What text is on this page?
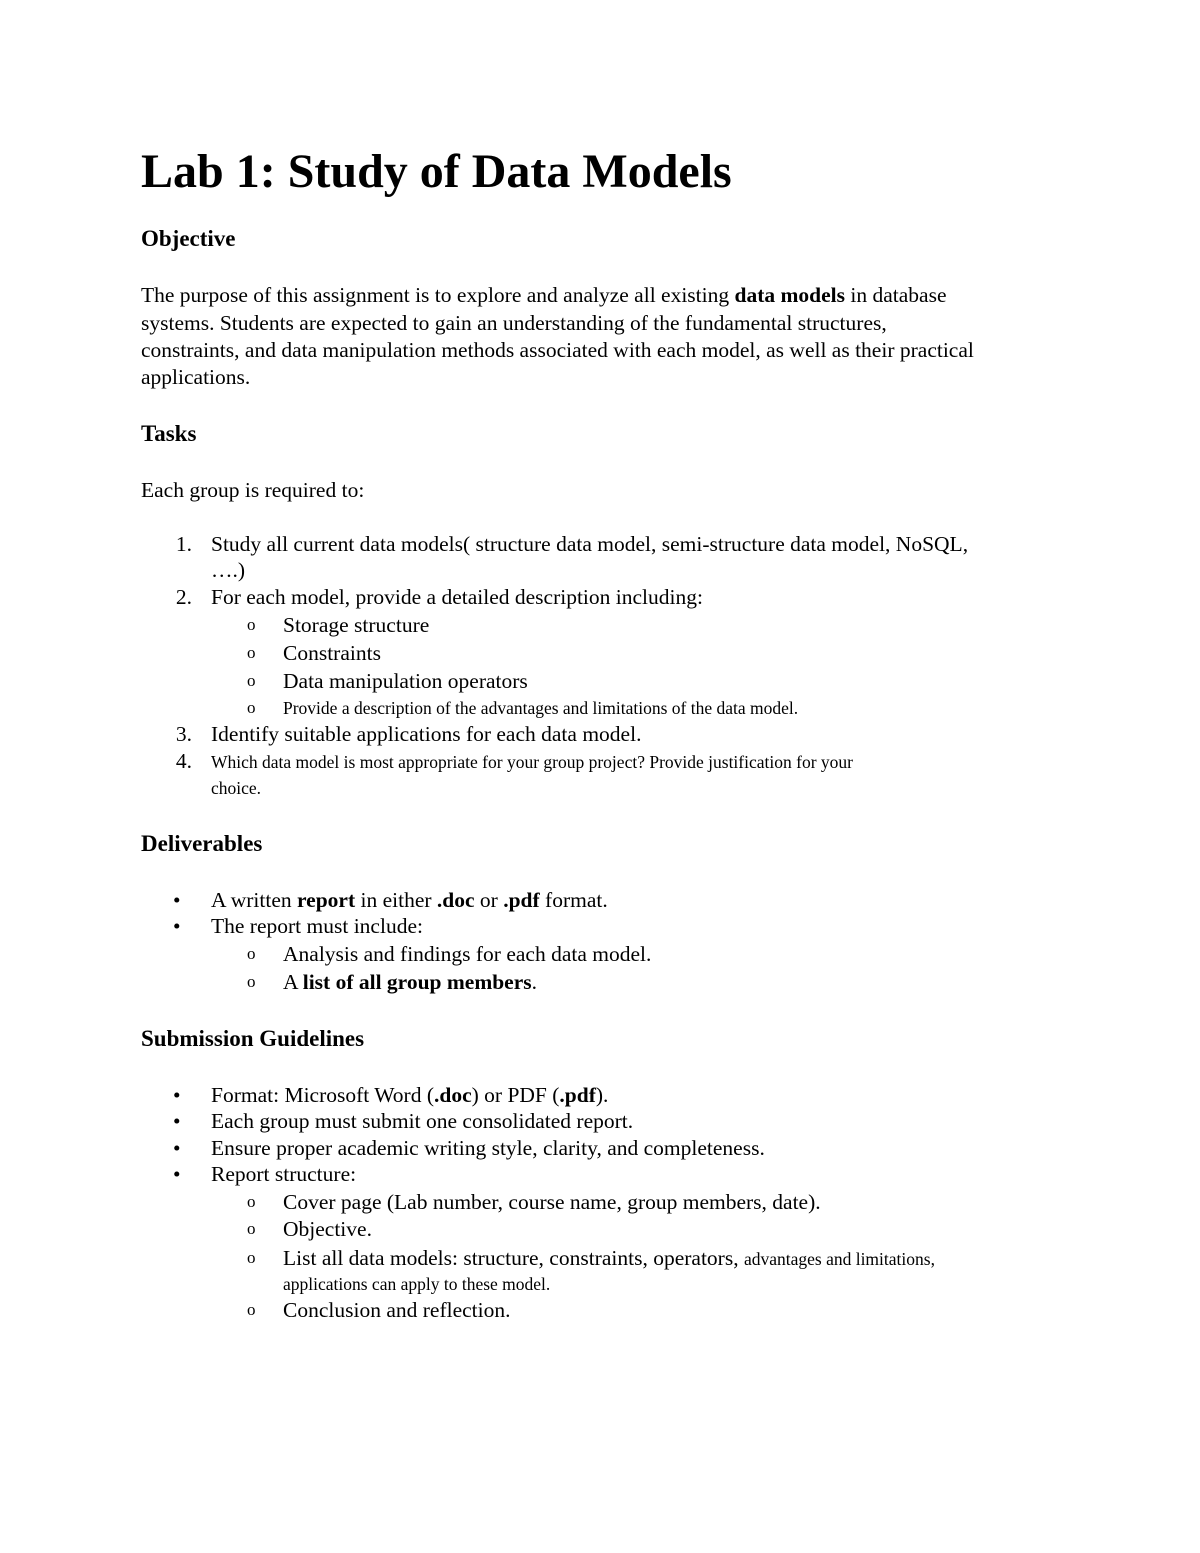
Lab 1: Study of Data Models
Objective
The purpose of this assignment is to explore and analyze all existing data models in database
systems. Students are expected to gain an understanding of the fundamental structures,
constraints, and data manipulation methods associated with each model, as well as their practical
applications.
Tasks
Each group is required to:
1. Study all current data models( structure data model, semi-structure data model, NoSQL,
….)
2. For each model, provide a detailed description including:
o Storage structure
o Constraints
o Data manipulation operators
o Provide a description of the advantages and limitations of the data model.
3. Identify suitable applications for each data model.
4. Which data model is most appropriate for your group project? Provide justification for your
choice.
Deliverables
• A written report in either .doc or .pdf format.
• The report must include:
o Analysis and findings for each data model.
o A list of all group members.
Submission Guidelines
• Format: Microsoft Word (.doc) or PDF (.pdf).
• Each group must submit one consolidated report.
• Ensure proper academic writing style, clarity, and completeness.
• Report structure:
o Cover page (Lab number, course name, group members, date).
o Objective.
o List all data models: structure, constraints, operators, advantages and limitations,
applications can apply to these model.
o Conclusion and reflection.
